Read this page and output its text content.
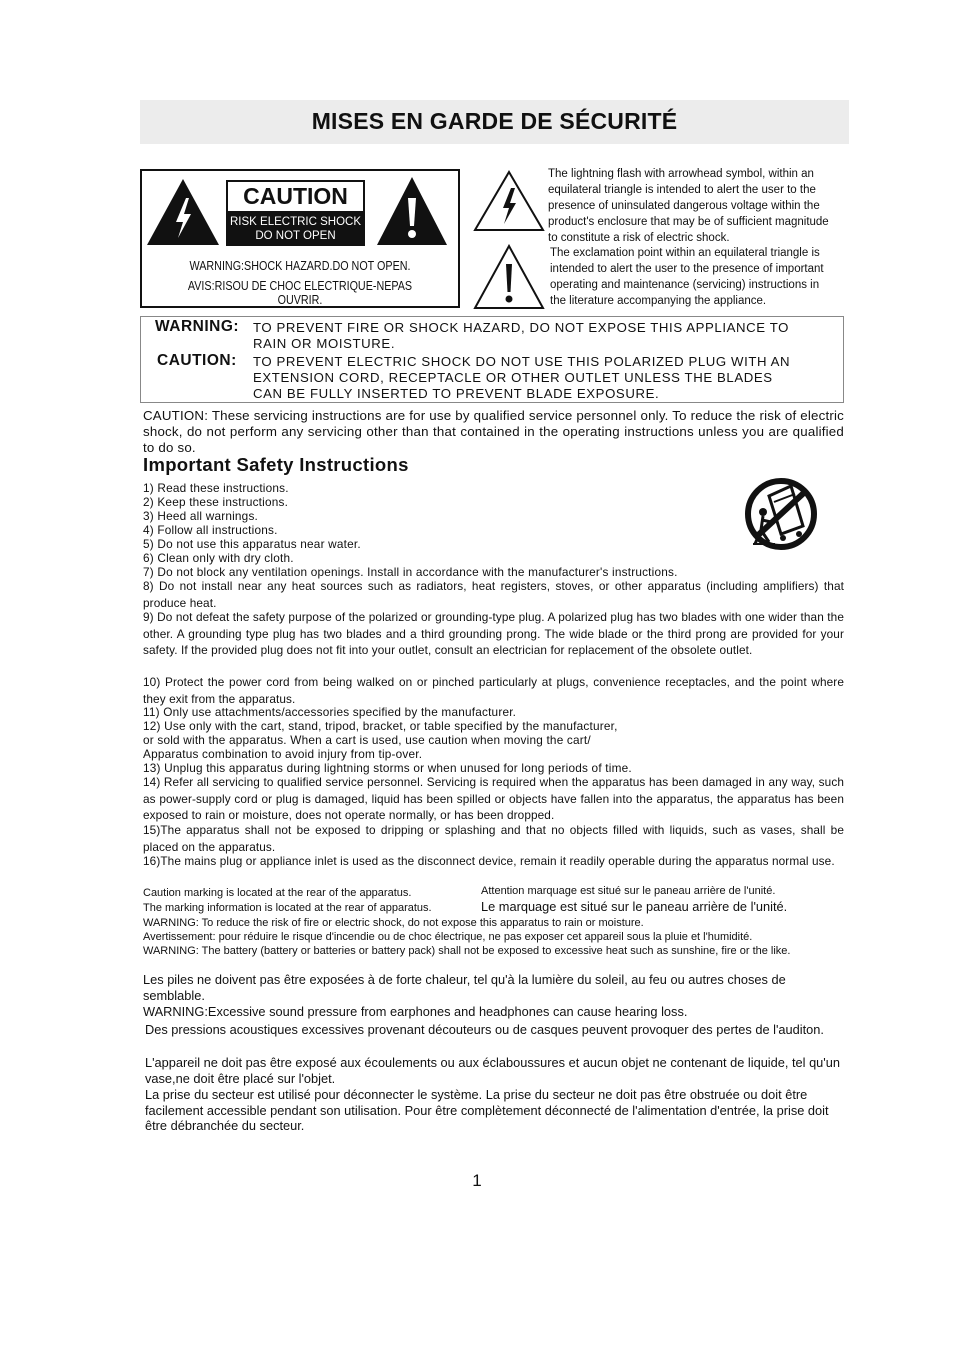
MISES EN GARDE DE SÉCURITÉ
CAUTION
RISK ELECTRIC SHOCK
DO NOT OPEN
WARNING:SHOCK HAZARD.DO NOT OPEN.
AVIS:RISOU DE CHOC ELECTRIQUE-NEPAS OUVRIR.
The lightning flash with arrowhead symbol, within an
equilateral triangle is intended to alert the user to the
presence of uninsulated dangerous voltage within the
product's enclosure that may be of sufficient magnitude
to constitute a risk of electric shock.
The exclamation point within an equilateral triangle is
intended to alert the user to the presence of important
operating and maintenance (servicing) instructions in
the literature accompanying the appliance.
WARNING: TO PREVENT FIRE OR SHOCK HAZARD, DO NOT EXPOSE THIS APPLIANCE TO
RAIN OR MOISTURE.
CAUTION: TO PREVENT ELECTRIC SHOCK DO NOT USE THIS POLARIZED PLUG WITH AN
EXTENSION CORD, RECEPTACLE OR OTHER OUTLET UNLESS THE BLADES
CAN BE FULLY INSERTED TO PREVENT BLADE EXPOSURE.
CAUTION: These servicing instructions are for use by qualified service personnel only. To reduce the risk of electric shock, do not perform any servicing other than that contained in the operating instructions unless you are qualified to do so.
Important Safety Instructions
1) Read these instructions.
2) Keep these instructions.
3) Heed all warnings.
4) Follow all instructions.
5) Do not use this apparatus near water.
6) Clean only with dry cloth.
7) Do not block any ventilation openings. Install in accordance with the manufacturer's instructions.
8) Do not install near any heat sources such as radiators, heat registers, stoves, or other apparatus (including amplifiers) that produce heat.
9) Do not defeat the safety purpose of the polarized or grounding-type plug. A polarized plug has two blades with one wider than the other. A grounding type plug has two blades and a third grounding prong. The wide blade or the third prong are provided for your safety. If the provided plug does not fit into your outlet, consult an electrician for replacement of the obsolete outlet.
10) Protect the power cord from being walked on or pinched particularly at plugs, convenience receptacles, and the point where they exit from the apparatus.
11) Only use attachments/accessories specified by the manufacturer.
12) Use only with the cart, stand, tripod, bracket, or table specified by the manufacturer,
or sold with the apparatus. When a cart is used, use caution when moving the cart/
Apparatus combination to avoid injury from tip-over.
13) Unplug this apparatus during lightning storms or when unused for long periods of time.
14) Refer all servicing to qualified service personnel. Servicing is required when the apparatus has been damaged in any way, such as power-supply cord or plug is damaged, liquid has been spilled or objects have fallen into the apparatus, the apparatus has been exposed to rain or moisture, does not operate normally, or has been dropped.
15)The apparatus shall not be exposed to dripping or splashing and that no objects filled with liquids, such as vases, shall be placed on the apparatus.
16)The mains plug or appliance inlet is used as the disconnect device, remain it readily operable during the apparatus normal use.
Caution marking is located at the rear of the apparatus.	Attention marquage est situé sur le paneau arrière de l'unité.
The marking information is located at the rear of apparatus.	Le marquage est situé sur le paneau arrière de l'unité.
WARNING: To reduce the risk of fire or electric shock, do not expose this apparatus to rain or moisture.
Avertissement: pour réduire le risque d'incendie ou de choc électrique, ne pas exposer cet appareil sous la pluie et l'humidité.
WARNING: The battery (battery or batteries or battery pack) shall not be exposed to excessive heat such as sunshine, fire or the like.
Les piles ne doivent pas être exposées à de forte chaleur, tel qu'à la lumière du soleil, au feu ou autres choses de semblable.
WARNING:Excessive sound pressure from earphones and headphones can cause hearing loss.
Des pressions acoustiques excessives provenant découteurs ou de casques peuvent provoquer des pertes de l'auditon.
L'appareil ne doit pas être exposé aux écoulements ou aux éclaboussures et aucun objet ne contenant de liquide, tel qu'un vase,ne doit être placé sur l'objet.
La prise du secteur est utilisé pour déconnecter le système. La prise du secteur ne doit pas être obstruée ou doit être facilement accessible pendant son utilisation. Pour être complètement déconnecté de l'alimentation d'entrée, la prise doit être débranchée du secteur.
1
